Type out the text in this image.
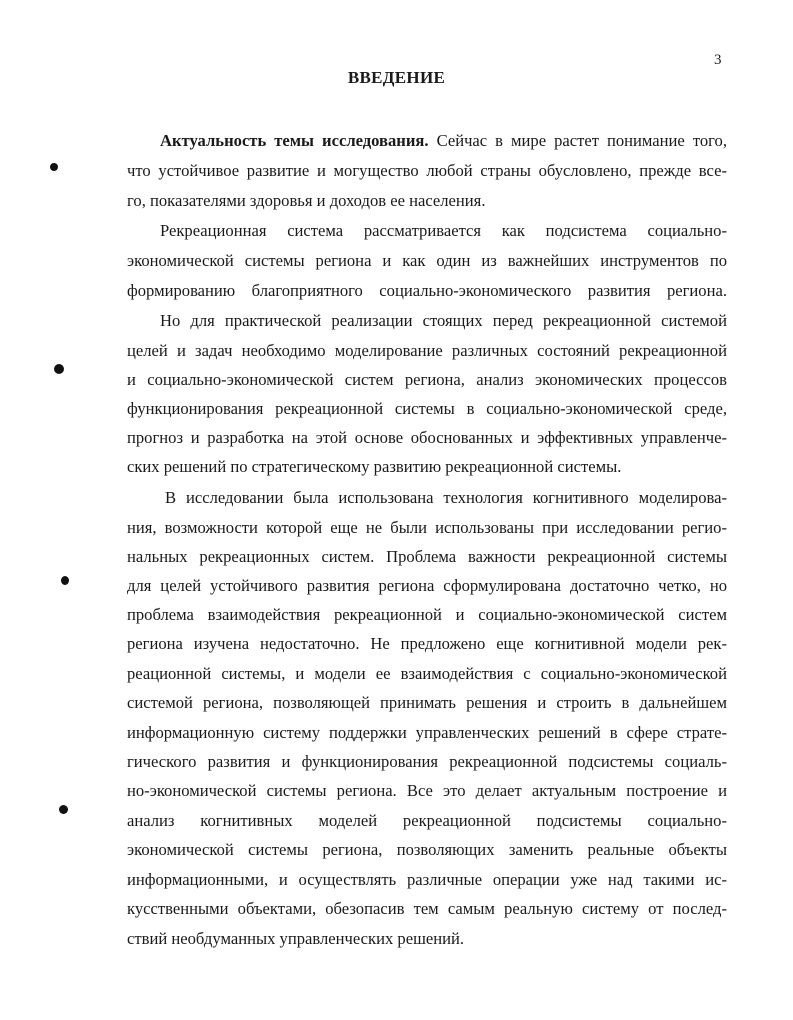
3
ВВЕДЕНИЕ
Актуальность темы исследования. Сейчас в мире растет понимание того,
что устойчивое развитие и могущество любой страны обусловлено, прежде все-
го, показателями здоровья и доходов ее населения.
Рекреационная система рассматривается как подсистема социально-
экономической системы региона и как один из важнейших инструментов по
формированию благоприятного социально-экономического развития региона.
Но для практической реализации стоящих перед рекреационной системой
целей и задач необходимо моделирование различных состояний рекреационной
и социально-экономической систем региона, анализ экономических процессов
функционирования рекреационной системы в социально-экономической среде,
прогноз и разработка на этой основе обоснованных и эффективных управленче-
ских решений по стратегическому развитию рекреационной системы.
В исследовании была использована технология когнитивного моделирова-
ния, возможности которой еще не были использованы при исследовании регио-
нальных рекреационных систем. Проблема важности рекреационной системы
для целей устойчивого развития региона сформулирована достаточно четко, но
проблема взаимодействия рекреационной и социально-экономической систем
региона изучена недостаточно. Не предложено еще когнитивной модели рек-
реационной системы, и модели ее взаимодействия с социально-экономической
системой региона, позволяющей принимать решения и строить в дальнейшем
информационную систему поддержки управленческих решений в сфере страте-
гического развития и функционирования рекреационной подсистемы социаль-
но-экономической системы региона. Все это делает актуальным построение и
анализ когнитивных моделей рекреационной подсистемы социально-
экономической системы региона, позволяющих заменить реальные объекты
информационными, и осуществлять различные операции уже над такими ис-
кусственными объектами, обезопасив тем самым реальную систему от послед-
ствий необдуманных управленческих решений.
